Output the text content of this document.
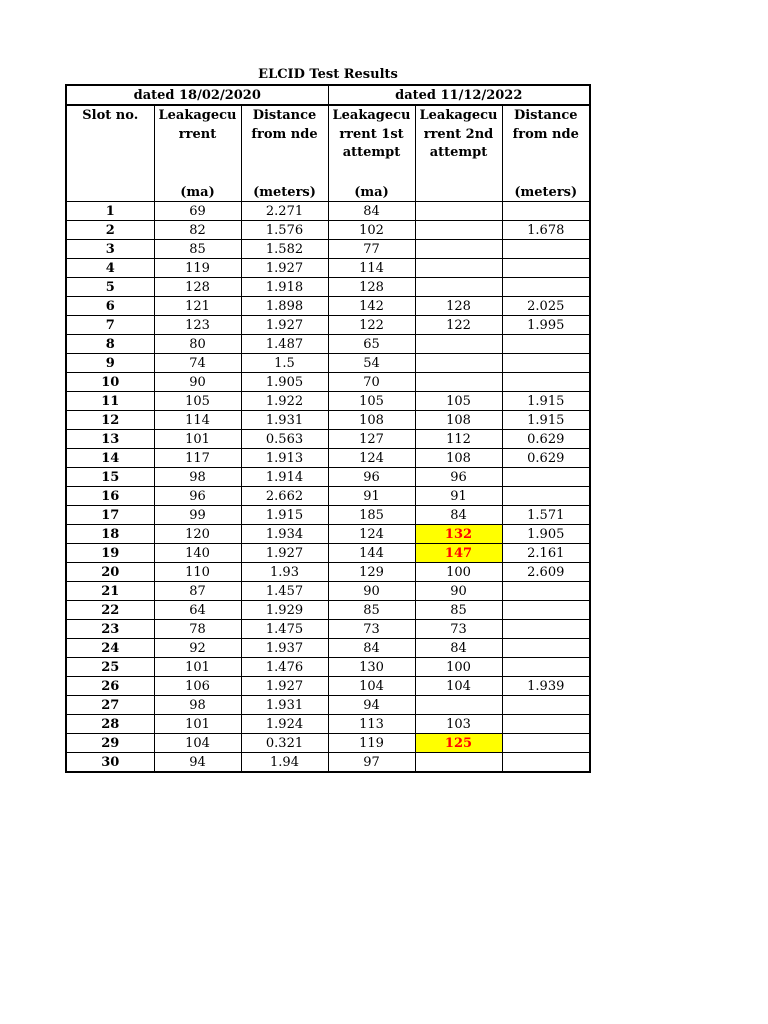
ELCID Test Results
dated 18/02/2020			dated 11/12/2022		
Slot no.	Leakagecu rrent	Distance from nde	Leakagecu rrent 1st attempt	Leakagecu rrent 2nd attempt	Distance from nde
	(ma)	(meters)	(ma)		(meters)
1	69	2.271	84		
2	82	1.576	102		1.678
3	85	1.582	77		
4	119	1.927	114		
5	128	1.918	128		
6	121	1.898	142	128	2.025
7	123	1.927	122	122	1.995
8	80	1.487	65		
9	74	1.5	54		
10	90	1.905	70		
11	105	1.922	105	105	1.915
12	114	1.931	108	108	1.915
13	101	0.563	127	112	0.629
14	117	1.913	124	108	0.629
15	98	1.914	96	96	
16	96	2.662	91	91	
17	99	1.915	185	84	1.571
18	120	1.934	124	132	1.905
19	140	1.927	144	147	2.161
20	110	1.93	129	100	2.609
21	87	1.457	90	90	
22	64	1.929	85	85	
23	78	1.475	73	73	
24	92	1.937	84	84	
25	101	1.476	130	100	
26	106	1.927	104	104	1.939
27	98	1.931	94		
28	101	1.924	113	103	
29	104	0.321	119	125	
30	94	1.94	97		
